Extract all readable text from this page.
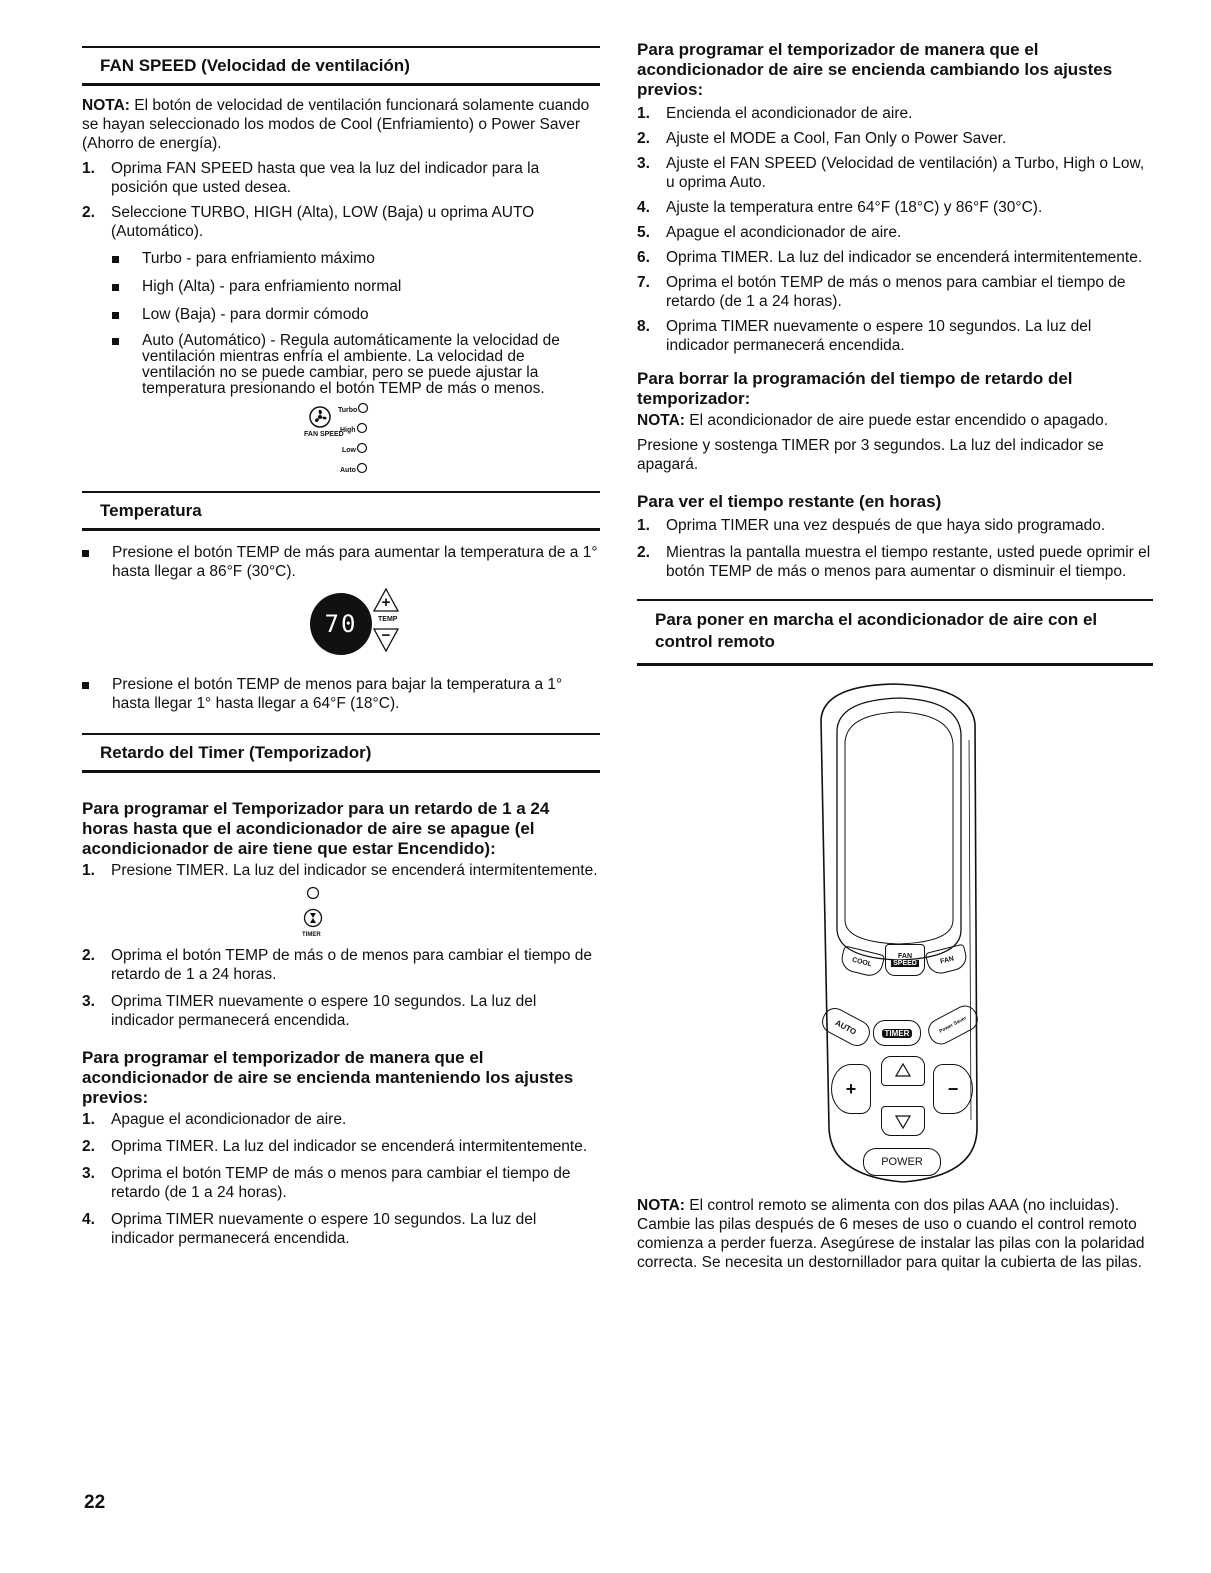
FAN SPEED (Velocidad de ventilación)

NOTA: El botón de velocidad de ventilación funcionará solamente cuando se hayan seleccionado los modos de Cool (Enfriamiento) o Power Saver (Ahorro de energía).

1.	Oprima FAN SPEED hasta que vea la luz del indicador para la posición que usted desea.
2.	Seleccione TURBO, HIGH (Alta), LOW (Baja) u oprima AUTO (Automático).
Turbo - para enfriamiento máximo
High (Alta) - para enfriamiento normal
Low (Baja) - para dormir cómodo
Auto (Automático) - Regula automáticamente la velocidad de ventilación mientras enfría el ambiente. La velocidad de ventilación no se puede cambiar, pero se puede ajustar la temperatura presionando el botón TEMP de más o menos.
FAN SPEED
Turbo
High
Low
Auto
Temperatura
Presione el botón TEMP de más para aumentar la temperatura de a 1° hasta llegar a 86°F (30°C).
70
+
TEMP
−
Presione el botón TEMP de menos para bajar la temperatura a 1° hasta llegar 1° hasta llegar a 64°F (18°C).
Retardo del Timer (Temporizador)

Para programar el Temporizador para un retardo de 1 a 24 horas hasta que el acondicionador de aire se apague (el acondicionador de aire tiene que estar Encendido):

1.	Presione TIMER. La luz del indicador se encenderá intermitentemente.
TIMER
2.	Oprima el botón TEMP de más o de menos para cambiar el tiempo de retardo de 1 a 24 horas.
3.	Oprima TIMER nuevamente o espere 10 segundos. La luz del indicador permanecerá encendida.

Para programar el temporizador de manera que el acondicionador de aire se encienda manteniendo los ajustes previos:

1.	Apague el acondicionador de aire.
2.	Oprima TIMER. La luz del indicador se encenderá intermitentemente.
3.	Oprima el botón TEMP de más o menos para cambiar el tiempo de retardo (de 1 a 24 horas).
4.	Oprima TIMER nuevamente o espere 10 segundos. La luz del indicador permanecerá encendida.

Para programar el temporizador de manera que el acondicionador de aire se encienda cambiando los ajustes previos:

1.	Encienda el acondicionador de aire.
2.	Ajuste el MODE a Cool, Fan Only o Power Saver.
3.	Ajuste el FAN SPEED (Velocidad de ventilación) a Turbo, High o Low, u oprima Auto.
4.	Ajuste la temperatura entre 64°F (18°C) y 86°F (30°C).
5.	Apague el acondicionador de aire.
6.	Oprima TIMER. La luz del indicador se encenderá intermitentemente.
7.	Oprima el botón TEMP de más o menos para cambiar el tiempo de retardo (de 1 a 24 horas).
8.	Oprima TIMER nuevamente o espere 10 segundos. La luz del indicador permanecerá encendida.

Para borrar la programación del tiempo de retardo del temporizador:

NOTA: El acondicionador de aire puede estar encendido o apagado.

Presione y sostenga TIMER por 3 segundos. La luz del indicador se apagará.

Para ver el tiempo restante (en horas)

1.	Oprima TIMER una vez después de que haya sido programado.
2.	Mientras la pantalla muestra el tiempo restante, usted puede oprimir el botón TEMP de más o menos para aumentar o disminuir el tiempo.
Para poner en marcha el acondicionador de aire con el control remoto
COOL	FAN
SPEED	FAN
AUTO	TIMER	Power Saver
+	−
POWER

NOTA: El control remoto se alimenta con dos pilas AAA (no incluidas). Cambie las pilas después de 6 meses de uso o cuando el control remoto comienza a perder fuerza. Asegúrese de instalar las pilas con la polaridad correcta. Se necesita un destornillador para quitar la cubierta de las pilas.

22
